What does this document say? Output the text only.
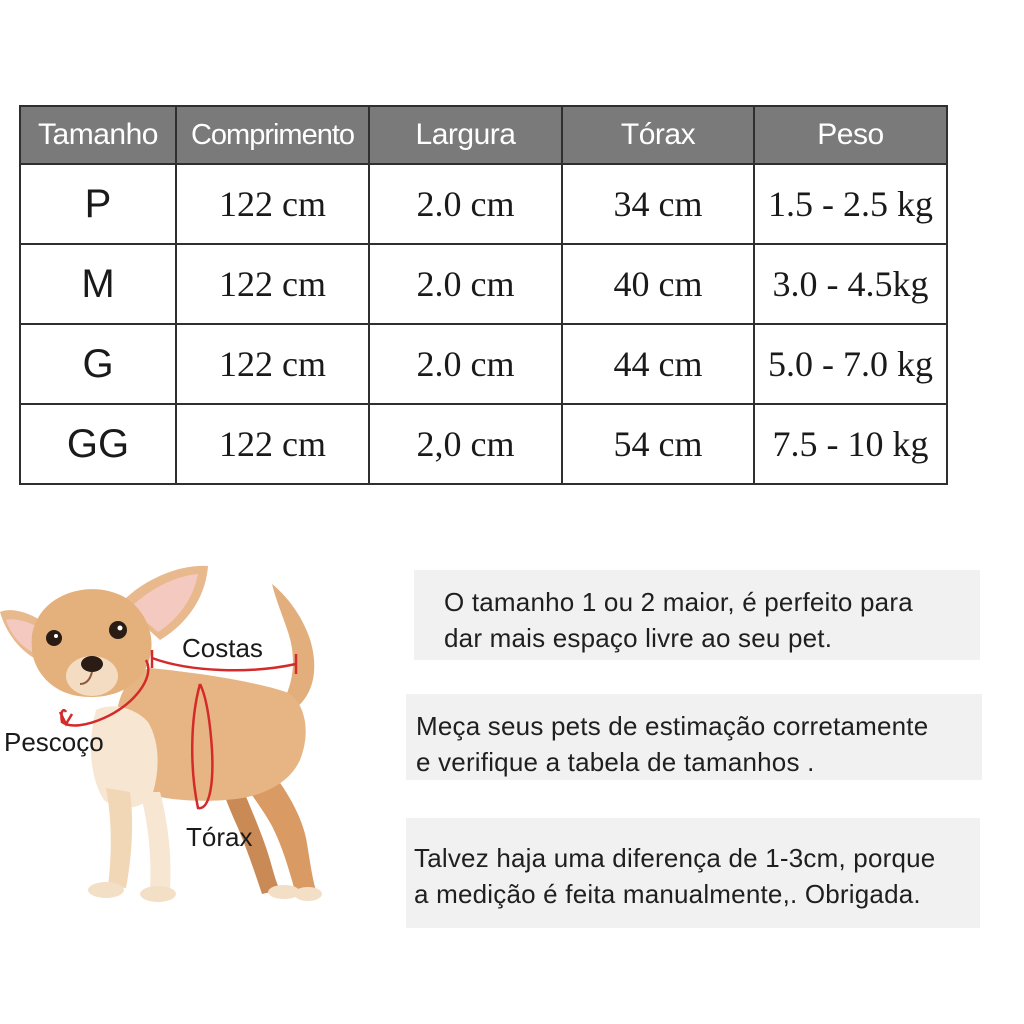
Tamanho	Comprimento	Largura	Tórax	Peso
P	122 cm	2.0 cm	34 cm	1.5 - 2.5 kg
M	122 cm	2.0 cm	40 cm	3.0 - 4.5kg
G	122 cm	2.0 cm	44 cm	5.0 - 7.0 kg
GG	122 cm	2,0 cm	54 cm	7.5 - 10 kg
Costas
Pescoço
Tórax
O tamanho 1 ou 2 maior, é perfeito para
dar mais espaço livre ao seu pet.
Meça seus pets de estimação corretamente
e verifique a tabela de tamanhos .
Talvez haja uma diferença de 1-3cm, porque
a medição é feita manualmente,. Obrigada.
